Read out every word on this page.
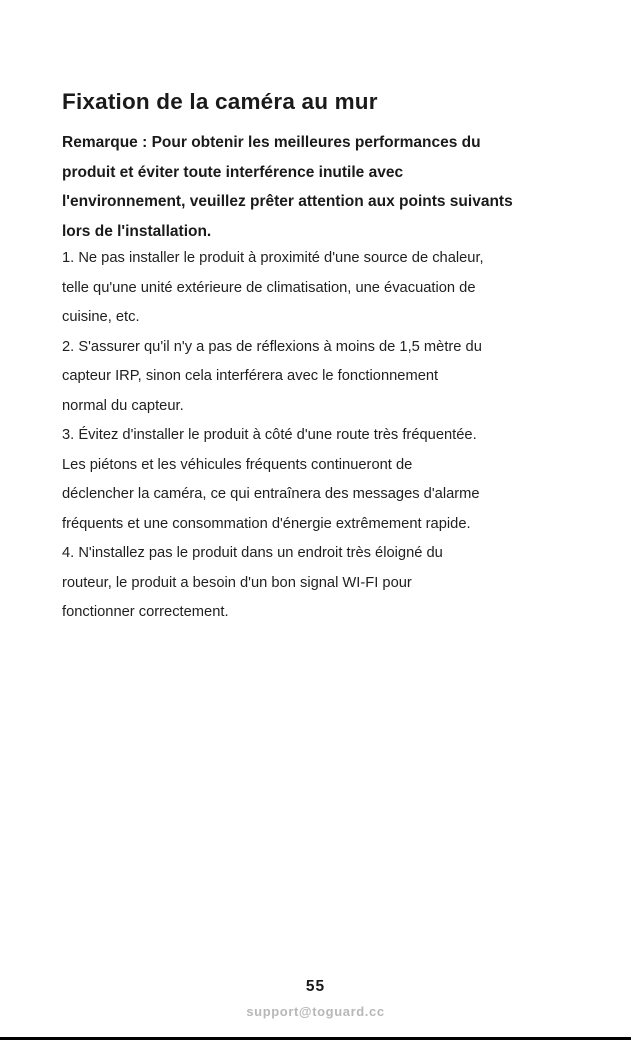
Fixation de la caméra au mur

Remarque : Pour obtenir les meilleures performances du
produit et éviter toute interférence inutile avec
l'environnement, veuillez prêter attention aux points suivants
lors de l'installation.

1. Ne pas installer le produit à proximité d'une source de chaleur,
telle qu'une unité extérieure de climatisation, une évacuation de
cuisine, etc.
2. S'assurer qu'il n'y a pas de réflexions à moins de 1,5 mètre du
capteur IRP, sinon cela interférera avec le fonctionnement
normal du capteur.
3. Évitez d'installer le produit à côté d'une route très fréquentée.
Les piétons et les véhicules fréquents continueront de
déclencher la caméra, ce qui entraînera des messages d'alarme
fréquents et une consommation d'énergie extrêmement rapide.
4. N'installez pas le produit dans un endroit très éloigné du
routeur, le produit a besoin d'un bon signal WI-FI pour
fonctionner correctement.

55
support@toguard.cc
